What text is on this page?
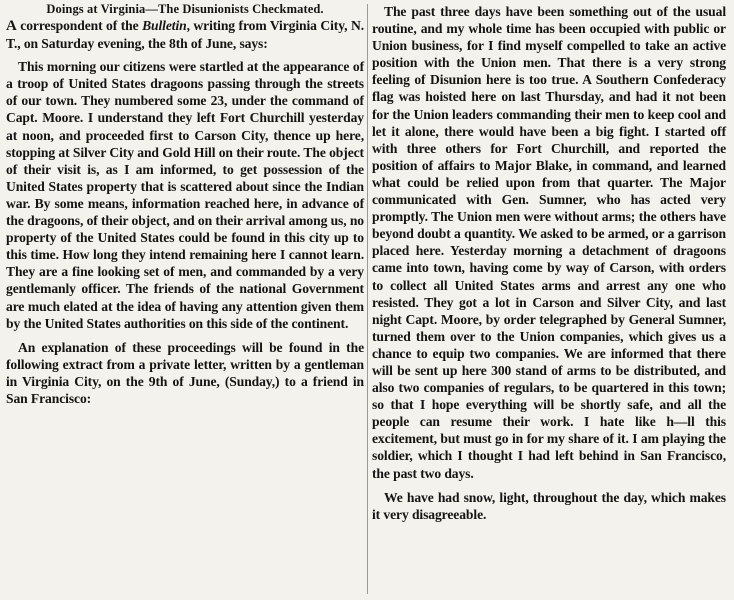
Doings at Virginia—The Disunionists Checkmated.

A correspondent of the Bulletin, writing from Virginia City, N. T., on Saturday evening, the 8th of June, says:

This morning our citizens were startled at the appearance of a troop of United States dragoons passing through the streets of our town. They numbered some 23, under the command of Capt. Moore. I understand they left Fort Churchill yesterday at noon, and proceeded first to Carson City, thence up here, stopping at Silver City and Gold Hill on their route. The object of their visit is, as I am informed, to get possession of the United States property that is scattered about since the Indian war. By some means, information reached here, in advance of the dragoons, of their object, and on their arrival among us, no property of the United States could be found in this city up to this time. How long they intend remaining here I cannot learn. They are a fine looking set of men, and commanded by a very gentlemanly officer. The friends of the national Government are much elated at the idea of having any attention given them by the United States authorities on this side of the continent.

An explanation of these proceedings will be found in the following extract from a private letter, written by a gentleman in Virginia City, on the 9th of June, (Sunday,) to a friend in San Francisco:

The past three days have been something out of the usual routine, and my whole time has been occupied with public or Union business, for I find myself compelled to take an active position with the Union men. That there is a very strong feeling of Disunion here is too true. A Southern Confederacy flag was hoisted here on last Thursday, and had it not been for the Union leaders commanding their men to keep cool and let it alone, there would have been a big fight. I started off with three others for Fort Churchill, and reported the position of affairs to Major Blake, in command, and learned what could be relied upon from that quarter. The Major communicated with Gen. Sumner, who has acted very promptly. The Union men were without arms; the others have beyond doubt a quantity. We asked to be armed, or a garrison placed here. Yesterday morning a detachment of dragoons came into town, having come by way of Carson, with orders to collect all United States arms and arrest any one who resisted. They got a lot in Carson and Silver City, and last night Capt. Moore, by order telegraphed by General Sumner, turned them over to the Union companies, which gives us a chance to equip two companies. We are informed that there will be sent up here 300 stand of arms to be distributed, and also two companies of regulars, to be quartered in this town; so that I hope everything will be shortly safe, and all the people can resume their work. I hate like h—ll this excitement, but must go in for my share of it. I am playing the soldier, which I thought I had left behind in San Francisco, the past two days.

We have had snow, light, throughout the day, which makes it very disagreeable.
